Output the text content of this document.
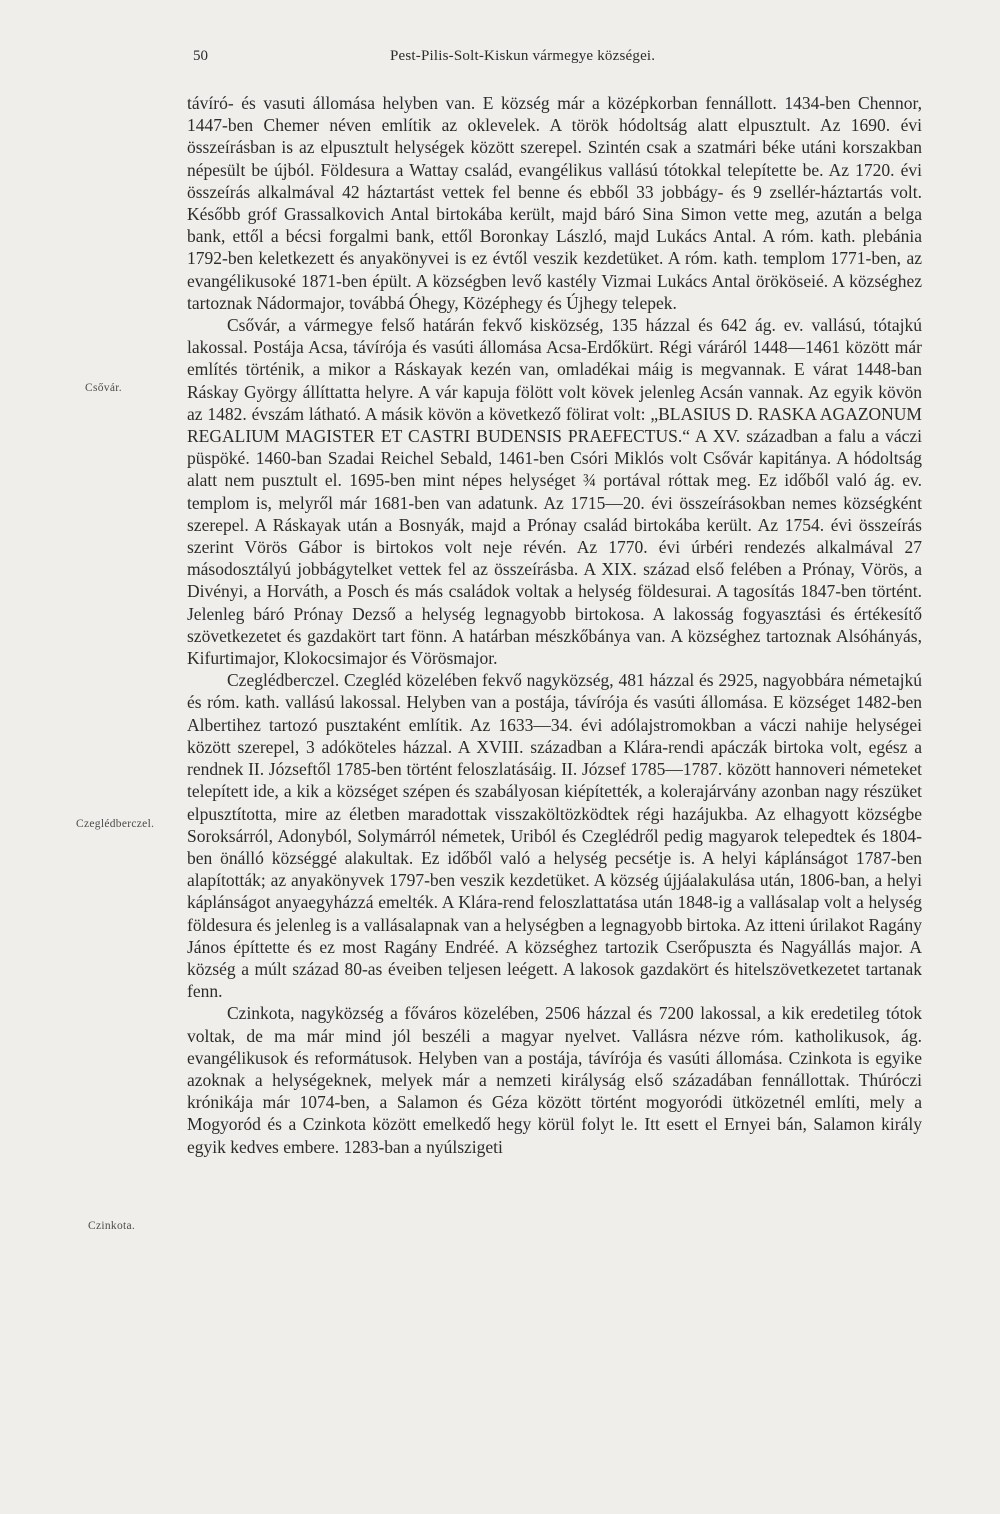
50	Pest-Pilis-Solt-Kiskun vármegye községei.
Csővár.
Czeglédberczel.
Czinkota.

távíró- és vasuti állomása helyben van. E község már a középkorban fennállott. 1434-ben Chennor, 1447-ben Chemer néven említik az oklevelek. A török hódoltság alatt elpusztult. Az 1690. évi összeírásban is az elpusztult helységek között szerepel. Szintén csak a szatmári béke utáni korszakban népesült be újból. Földesura a Wattay család, evangélikus vallású tótokkal telepítette be. Az 1720. évi összeírás alkalmával 42 háztartást vettek fel benne és ebből 33 jobbágy- és 9 zsellér-háztartás volt. Később gróf Grassalkovich Antal birtokába került, majd báró Sina Simon vette meg, azután a belga bank, ettől a bécsi forgalmi bank, ettől Boronkay László, majd Lukács Antal. A róm. kath. plebánia 1792-ben keletkezett és anyakönyvei is ez évtől veszik kezdetüket. A róm. kath. templom 1771-ben, az evangélikusoké 1871-ben épült. A községben levő kastély Vizmai Lukács Antal örököseié. A községhez tartoznak Nádormajor, továbbá Óhegy, Középhegy és Újhegy telepek.

Csővár, a vármegye felső határán fekvő kisközség, 135 házzal és 642 ág. ev. vallású, tótajkú lakossal. Postája Acsa, távírója és vasúti állomása Acsa-Erdőkürt. Régi váráról 1448—1461 között már említés történik, a mikor a Ráskayak kezén van, omladékai máig is megvannak. E várat 1448-ban Ráskay György állíttatta helyre. A vár kapuja fölött volt kövek jelenleg Acsán vannak. Az egyik kövön az 1482. évszám látható. A másik kövön a következő fölirat volt: „BLASIUS D. RASKA AGAZONUM REGALIUM MAGISTER ET CASTRI BUDENSIS PRAEFECTUS.“ A XV. században a falu a váczi püspöké. 1460-ban Szadai Reichel Sebald, 1461-ben Csóri Miklós volt Csővár kapitánya. A hódoltság alatt nem pusztult el. 1695-ben mint népes helységet ¾ portával róttak meg. Ez időből való ág. ev. templom is, melyről már 1681-ben van adatunk. Az 1715—20. évi összeírásokban nemes községként szerepel. A Ráskayak után a Bosnyák, majd a Prónay család birtokába került. Az 1754. évi összeírás szerint Vörös Gábor is birtokos volt neje révén. Az 1770. évi úrbéri rendezés alkalmával 27 másodosztályú jobbágytelket vettek fel az összeírásba. A XIX. század első felében a Prónay, Vörös, a Divényi, a Horváth, a Posch és más családok voltak a helység földesurai. A tagosítás 1847-ben történt. Jelenleg báró Prónay Dezső a helység legnagyobb birtokosa. A lakosság fogyasztási és értékesítő szövetkezetet és gazdakört tart fönn. A határban mészkőbánya van. A községhez tartoznak Alsóhányás, Kifurtimajor, Klokocsimajor és Vörösmajor.

Czeglédberczel. Czegléd közelében fekvő nagyközség, 481 házzal és 2925, nagyobbára németajkú és róm. kath. vallású lakossal. Helyben van a postája, távírója és vasúti állomása. E községet 1482-ben Albertihez tartozó pusztaként említik. Az 1633—34. évi adólajstromokban a váczi nahije helységei között szerepel, 3 adóköteles házzal. A XVIII. században a Klára-rendi apáczák birtoka volt, egész a rendnek II. Józseftől 1785-ben történt feloszlatásáig. II. József 1785—1787. között hannoveri németeket telepített ide, a kik a községet szépen és szabályosan kiépítették, a kolerajárvány azonban nagy részüket elpusztította, mire az életben maradottak visszaköltözködtek régi hazájukba. Az elhagyott községbe Soroksárról, Adonyból, Solymárról németek, Uriból és Czeglédről pedig magyarok telepedtek és 1804-ben önálló községgé alakultak. Ez időből való a helység pecsétje is. A helyi káplánságot 1787-ben alapították; az anyakönyvek 1797-ben veszik kezdetüket. A község újjáalakulása után, 1806-ban, a helyi káplánságot anyaegyházzá emelték. A Klára-rend feloszlattatása után 1848-ig a vallásalap volt a helység földesura és jelenleg is a vallásalapnak van a helységben a legnagyobb birtoka. Az itteni úrilakot Ragány János építtette és ez most Ragány Endréé. A községhez tartozik Cserőpuszta és Nagyállás major. A község a múlt század 80-as éveiben teljesen leégett. A lakosok gazdakört és hitelszövetkezetet tartanak fenn.

Czinkota, nagyközség a főváros közelében, 2506 házzal és 7200 lakossal, a kik eredetileg tótok voltak, de ma már mind jól beszéli a magyar nyelvet. Vallásra nézve róm. katholikusok, ág. evangélikusok és reformátusok. Helyben van a postája, távírója és vasúti állomása. Czinkota is egyike azoknak a helységeknek, melyek már a nemzeti királyság első századában fennállottak. Thúróczi krónikája már 1074-ben, a Salamon és Géza között történt mogyoródi ütközetnél említi, mely a Mogyoród és a Czinkota között emelkedő hegy körül folyt le. Itt esett el Ernyei bán, Salamon király egyik kedves embere. 1283-ban a nyúlszigeti
